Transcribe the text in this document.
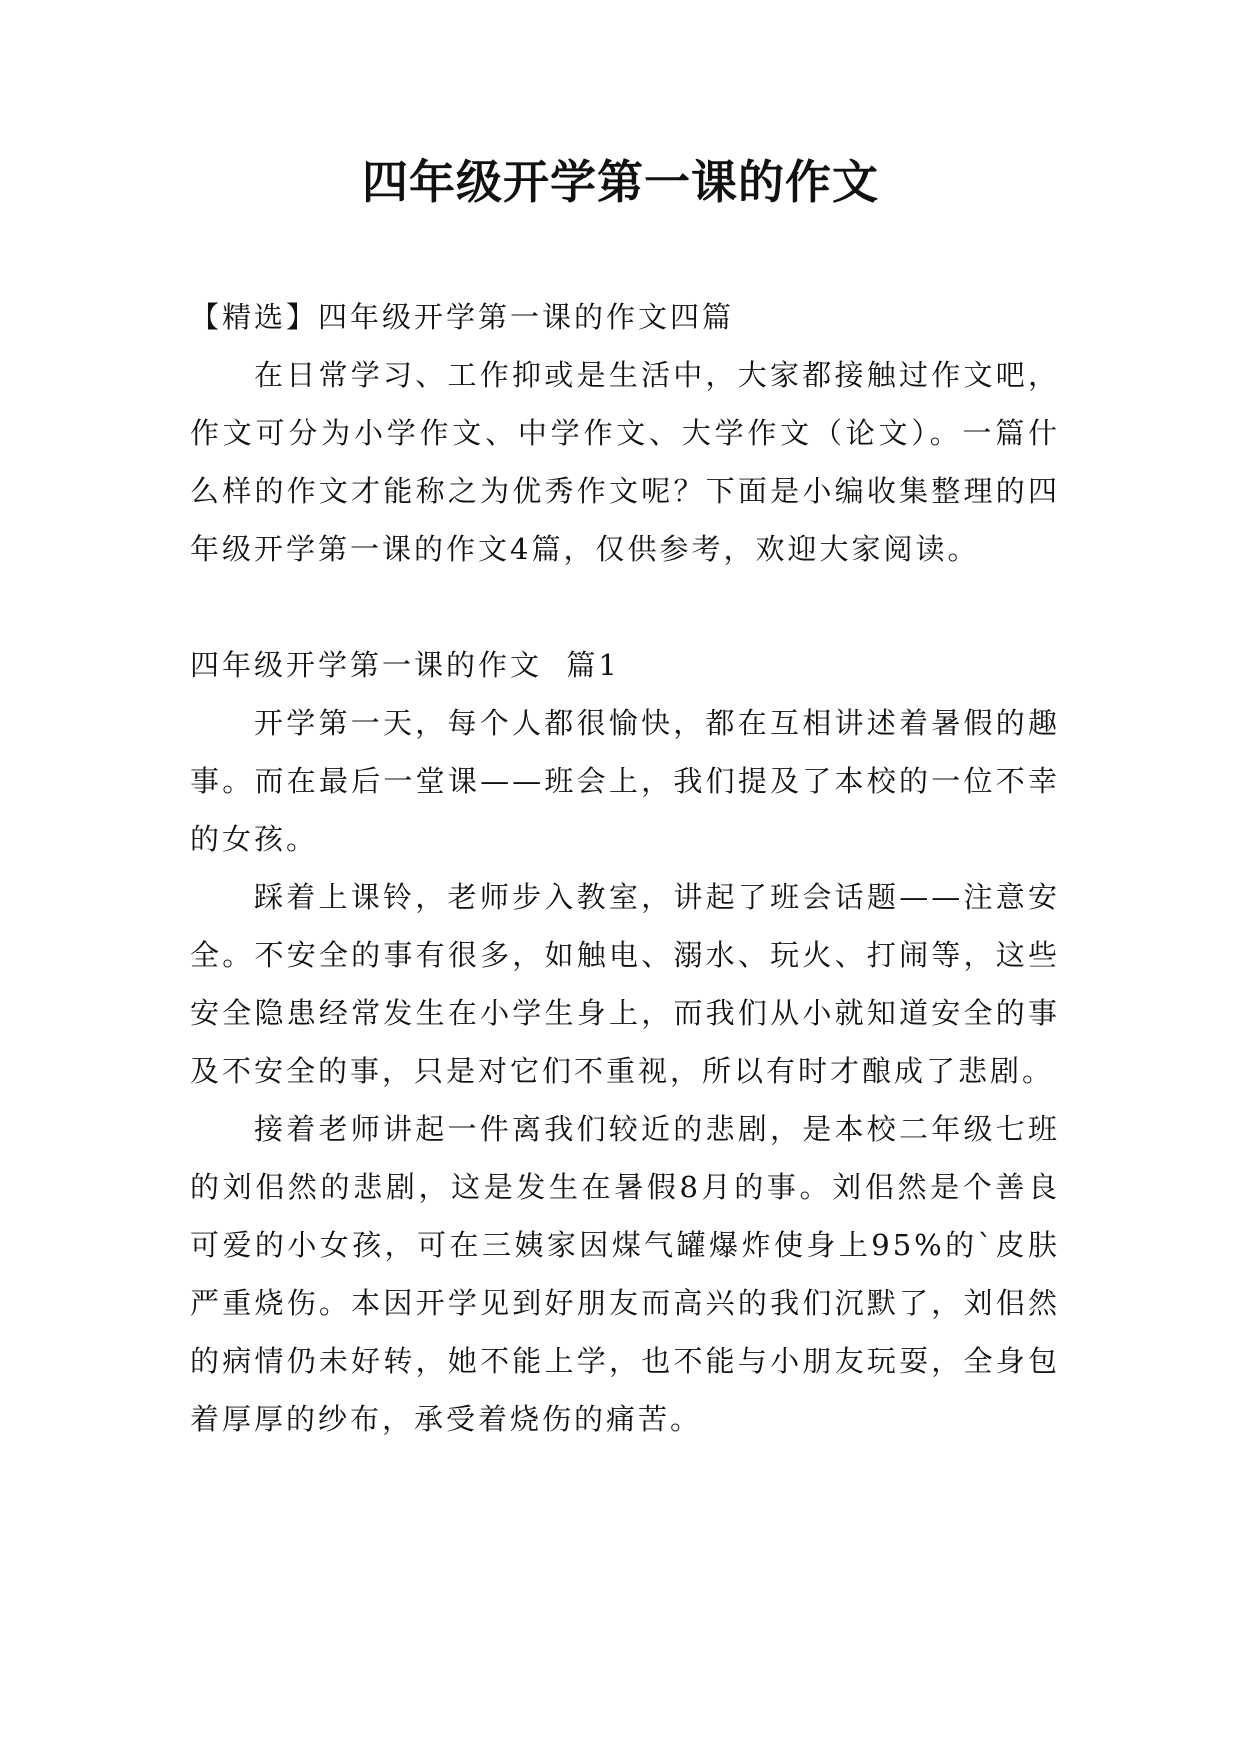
四年级开学第一课的作文

【精选】四年级开学第一课的作文四篇

在日常学习、工作抑或是生活中，大家都接触过作文吧，作文可分为小学作文、中学作文、大学作文（论文）。一篇什么样的作文才能称之为优秀作文呢？下面是小编收集整理的四年级开学第一课的作文4篇，仅供参考，欢迎大家阅读。

四年级开学第一课的作文  篇1

开学第一天，每个人都很愉快，都在互相讲述着暑假的趣事。而在最后一堂课——班会上，我们提及了本校的一位不幸的女孩。

踩着上课铃，老师步入教室，讲起了班会话题——注意安全。不安全的事有很多，如触电、溺水、玩火、打闹等，这些安全隐患经常发生在小学生身上，而我们从小就知道安全的事及不安全的事，只是对它们不重视，所以有时才酿成了悲剧。

接着老师讲起一件离我们较近的悲剧，是本校二年级七班的刘佀然的悲剧，这是发生在暑假8月的事。刘佀然是个善良可爱的小女孩，可在三姨家因煤气罐爆炸使身上95%的`皮肤严重烧伤。本因开学见到好朋友而高兴的我们沉默了，刘佀然的病情仍未好转，她不能上学，也不能与小朋友玩耍，全身包着厚厚的纱布，承受着烧伤的痛苦。
